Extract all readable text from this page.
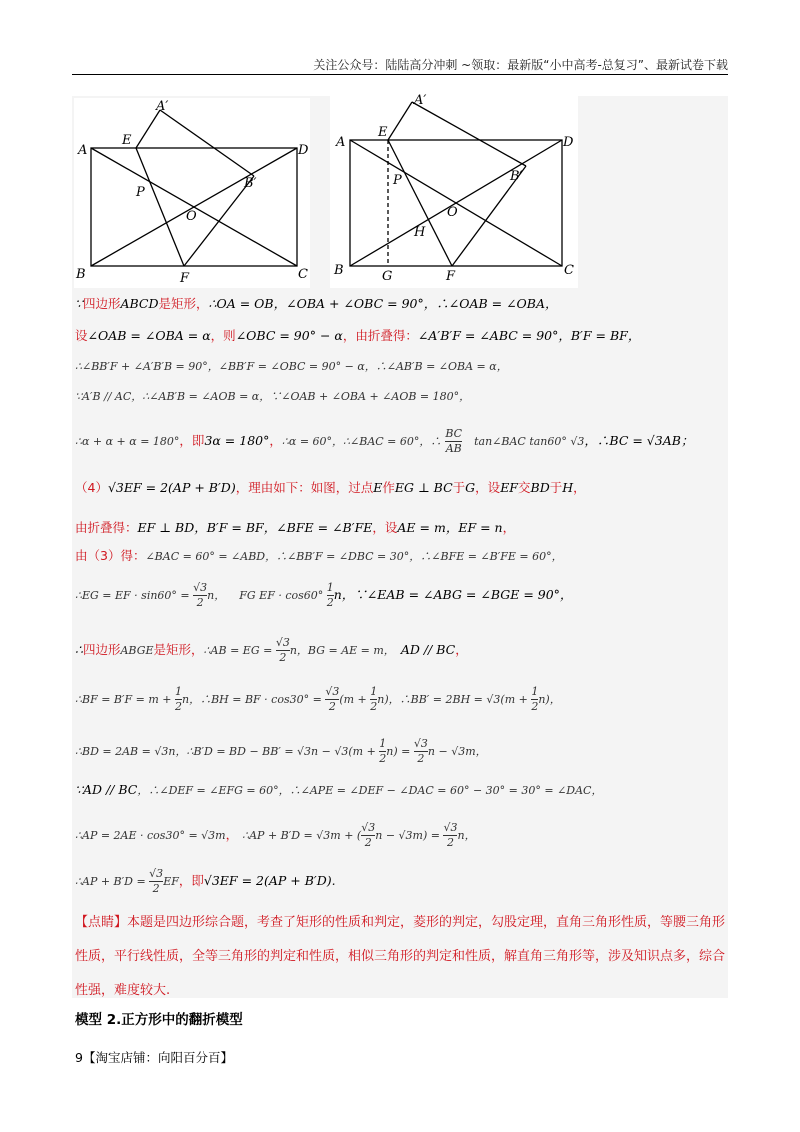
关注公众号：陆陆高分冲刺 ~领取：最新版“小中高考-总复习”、最新试卷下载
A
A′
E
D
P
B′
O
B	F	C
A
A′
E
D
P	B′
O
H
B	G	F	C
∵四边形ABCD是矩形，∴OA = OB，∠OBA + ∠OBC = 90°，∴∠OAB = ∠OBA，
设∠OAB = ∠OBA = α，则∠OBC = 90° − α，由折叠得：∠A′B′F = ∠ABC = 90°，B′F = BF，
∴∠BB′F + ∠A′B′B = 90°，∠BB′F = ∠OBC = 90° − α，∴∠AB′B = ∠OBA = α，
∵A′B // AC，∴∠AB′B = ∠AOB = α，∵∠OAB + ∠OBA + ∠AOB = 180°，
∴α + α + α = 180°，即3α = 180°，∴α = 60°，∴∠BAC = 60°，∴ $\frac{BC}{AB}$ tan∠BAC tan60° √3，∴BC = √3AB；
（4）√3EF = 2(AP + B′D)，理由如下：如图，过点E作EG ⊥ BC于G，设EF交BD于H，
由折叠得：EF ⊥ BD，B′F = BF，∠BFE = ∠B′FE，设AE = m，EF = n，
由（3）得：∠BAC = 60° = ∠ABD，∴∠BB′F = ∠DBC = 30°，∴∠BFE = ∠B′FE = 60°，
∴EG = EF · $\sin 60^\circ = \frac{√3}{2}$ n， FG EF · $\cos 60^\circ \frac{1}{2}$ n，∵∠EAB = ∠ABG = ∠BGE = 90°，
∴四边形ABGE是矩形，∴AB = EG = $\frac{√3}{2}$ n，BG = AE = m， AD // BC，
∴BF = $B'F = m + \frac{1}{2}$ n，∴BH = BF · $\cos 30^\circ = \frac{√3}{2} (m + \frac{1}{2} n)$，∴BB′ = $2BH = √3(m + \frac{1}{2} n)$，
∴BD = 2AB = √3n，∴B′D = BD − $BB' = √3n - √3(m + \frac{1}{2} n) = \frac{√3}{2}$ n − √3m，
∵AD // BC，∴∠DEF = ∠EFG = 60°，∴∠APE = ∠DEF − ∠DAC = 60° − 30° = 30° = ∠DAC，
∴AP = 2AE · cos30° = √3m， ∴AP + B′D = √3m + ( $\frac{√3}{2}$ $n - √3m) = \frac{√3}{2}$ n，
∴AP + $B'D = \frac{√3}{2}$ EF，即√3EF = 2(AP + B′D).
【点睛】本题是四边形综合题，考查了矩形的性质和判定，菱形的判定，勾股定理，直角三角形性质，等腰三角形性质，平行线性质，全等三角形的判定和性质，相似三角形的判定和性质，解直角三角形等，涉及知识点多，综合性强，难度较大.
模型 2.正方形中的翻折模型
9【淘宝店铺：向阳百分百】
